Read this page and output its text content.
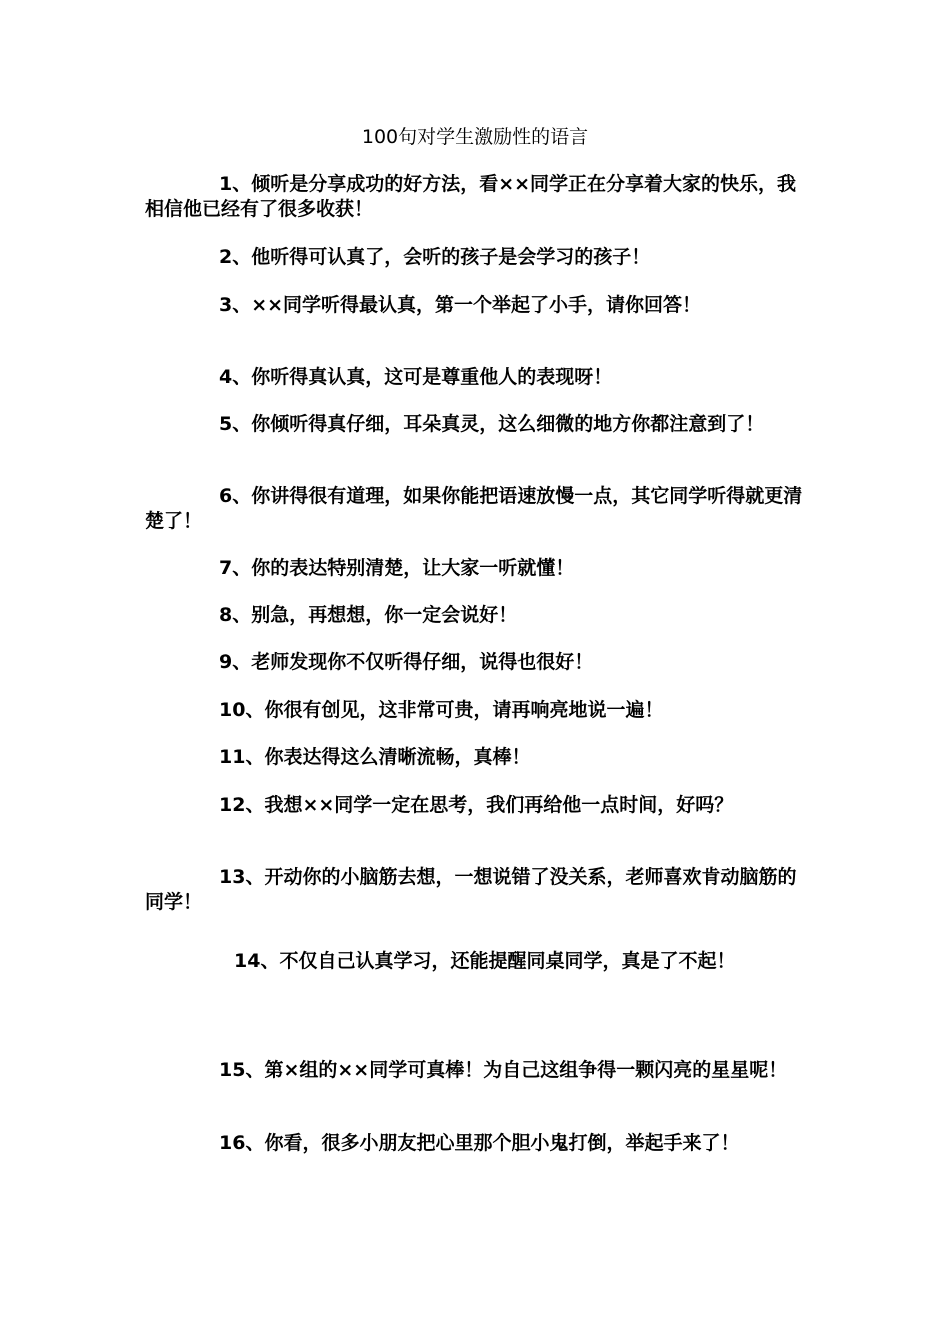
100句对学生激励性的语言

1、倾听是分享成功的好方法，看××同学正在分享着大家的快乐，我相信他已经有了很多收获！

2、他听得可认真了，会听的孩子是会学习的孩子！

3、××同学听得最认真，第一个举起了小手，请你回答！

4、你听得真认真，这可是尊重他人的表现呀！

5、你倾听得真仔细，耳朵真灵，这么细微的地方你都注意到了！

6、你讲得很有道理，如果你能把语速放慢一点，其它同学听得就更清楚了！

7、你的表达特别清楚，让大家一听就懂！

8、别急，再想想，你一定会说好！

9、老师发现你不仅听得仔细，说得也很好！

10、你很有创见，这非常可贵，请再响亮地说一遍！

11、你表达得这么清晰流畅，真棒！

12、我想××同学一定在思考，我们再给他一点时间，好吗？

13、开动你的小脑筋去想，一想说错了没关系，老师喜欢肯动脑筋的同学！

14、不仅自己认真学习，还能提醒同桌同学，真是了不起！

15、第×组的××同学可真棒！为自己这组争得一颗闪亮的星星呢！

16、你看，很多小朋友把心里那个胆小鬼打倒，举起手来了！
